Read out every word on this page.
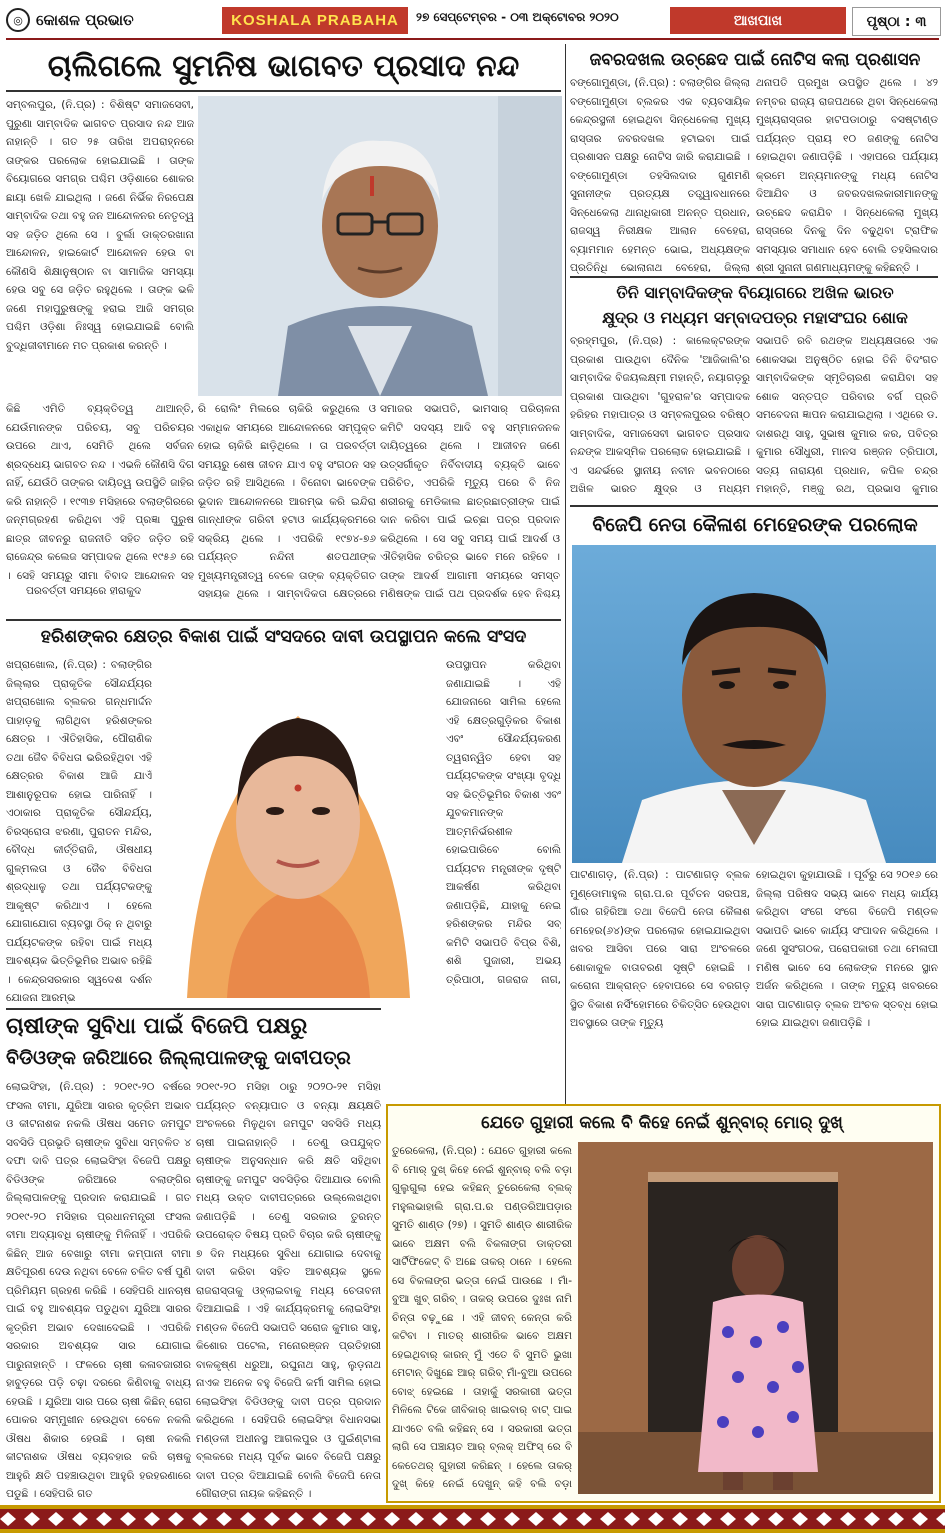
◎ କୋଶଳ ପ୍ରଭାତ	KOSHALA PRABAHA	୨୭ ସେପ୍ଟେମ୍ବର - ୦୩ ଅକ୍ଟୋବର ୨୦୨୦	ଆଖପାଖ	ପୃଷ୍ଠା : ୩
ଚାଲିଗଲେ ସୁମନିଷ ଭାଗବତ ପ୍ରସାଦ ନନ୍ଦ
ସମ୍ବଲପୁର, (ନି.ପ୍ର) : ବିଶିଷ୍ଟ ସମାଜସେବୀ, ପୁରୁଣା ସାମ୍ବାଦିକ ଭାଗବତ ପ୍ରସାଦ ନନ୍ଦ ଆଜ ନାହାନ୍ତି । ଗତ ୨୫ ତାରିଖ ଅପରାହ୍ନରେ ତାଙ୍କର ପରଲୋକ ହୋଇଯାଇଛି । ତାଙ୍କ ବିୟୋଗରେ ସମଗ୍ର ପଶ୍ଚିମ ଓଡ଼ିଶାରେ ଶୋକର ଛାୟା ଖେଳି ଯାଇଥିଲା । ଜଣେ ନିର୍ଭିକ ନିରପେକ୍ଷ ସାମ୍ବାଦିକ ତଥା ବହୁ ଜନ ଆନ୍ଦୋଳନର ନେତୃତ୍ୱ ସହ ଜଡ଼ିତ ଥିଲେ ସେ । ବୁର୍ଲା ଡାକ୍ତରଖାନା ଆନ୍ଦୋଳନ, ହାଇକୋର୍ଟ ଆନ୍ଦୋଳନ ହେଉ ବା କୌଣସି ଶିକ୍ଷାନୁଷ୍ଠାନ ବା ସାମାଜିକ ସମସ୍ୟା ହେଉ ସବୁ ସେ ଜଡ଼ିତ ରହୁଥିଲେ । ତାଙ୍କ ଭଳି ଜଣେ ମହାପୁରୁଷଙ୍କୁ ହରାଇ ଆଜି ସମଗ୍ର ପଶ୍ଚିମ ଓଡ଼ିଶା ନିଃସ୍ୱ ହୋଇଯାଇଛି ବୋଲି ବୁଦ୍ଧିଜୀବୀମାନେ ମତ ପ୍ରକାଶ କରନ୍ତି ।
କିଛି ଏମିତି ବ୍ୟକ୍ତିତ୍ୱ ଥାଆନ୍ତି, ଯେଉଁମାନଙ୍କ ପରିଚୟ, ସବୁ ପରିଚୟର ଉପରେ ଥାଏ, ସେମିତି ଥିଲେ ସର୍ବଜନ ଶ୍ରଦ୍ଧେୟ ଭାଗବତ ନନ୍ଦ । ଏଭଳି କୌଣସି ଦିଗ ନାହିଁ, ଯେଉଁଠି ତାଙ୍କର ଦାୟିତ୍ୱ ଉପସ୍ଥିତି ଜାହିର କରି ନାହାନ୍ତି । ୧୯୩୭ ମସିହାରେ ବଲାଙ୍ଗିରରେ ଜନ୍ମଗ୍ରହଣ କରିଥିବା ଏହି ପ୍ରଜ୍ଞା ପୁରୁଷ ଛାତ୍ର ଜୀବନରୁ ରାଜନୀତି ସହିତ ଜଡ଼ିତ ରହି ରାଜେନ୍ଦ୍ର କଲେଜ ସମ୍ପାଦକ ଥିଲେ ୧୯୫୬ ରେ । ସେହି ସମୟରୁ ସୀମା ବିବାଦ ଆନ୍ଦୋଳନ ସହ
ପରବର୍ତ୍ତୀ ସମୟରେ ହୀରାକୁଦ
ରି ରୋଲିଂ ମିଲରେ ଚାକିରି କରୁଥିଲେ ଓ ଏକାଧିକ ସମୟରେ ଆନ୍ଦୋଳନରେ ସମ୍ପୃକ୍ତ ହୋଇ ଚାକିରି ଛାଡ଼ିଥିଲେ । ତା ପରବର୍ତ୍ତୀ ସମୟରୁ ଶେଷ ଜୀବନ ଯାଏ ବହୁ ସଂଗଠନ ସହ ଜଡ଼ିତ ରହି ଆସିଥିଲେ । ବିନୋବା ଭାବେଙ୍କ ଭୂଦାନ ଆନ୍ଦୋଳନରେ ଆରମ୍ଭ କରି ଇନ୍ଦିରା ଗାନ୍ଧୀଙ୍କ ଗରିବୀ ହଟାଓ କାର୍ଯ୍ୟକ୍ରମରେ ସକ୍ରିୟ ଥିଲେ । ଏପରିକି ୧୯୭୪-୭୬ ପର୍ଯ୍ୟନ୍ତ ନନ୍ଦିନୀ ଶତପଥୀଙ୍କ ମୁଖ୍ୟମନ୍ତ୍ରୀତ୍ୱ ବେଳେ ତାଙ୍କ ବ୍ୟକ୍ତିଗତ ସହାୟକ ଥିଲେ । ସାମ୍ବାଦିକତା କ୍ଷେତ୍ରରେ
ସମାଜର ସଭାପତି, ଭାମସାର୍ ପରିଚାଳନା କମିଟି ସଦସ୍ୟ ଆଦି ବହୁ ସମ୍ମାନଜନକ ଦାୟିତ୍ୱରେ ଥିଲେ । ଆଜୀବନ ଜଣେ ଉତ୍ସର୍ଗୀକୃତ ନିର୍ବିବାଦୀୟ ବ୍ୟକ୍ତି ଭାବେ ପରିଚିତ, ଏପରିକି ମୃତ୍ୟୁ ପରେ ବି ନିଜ ଶରୀରକୁ ମେଡିକାଲ ଛାତ୍ରଛାତ୍ରୀଙ୍କ ପାଇଁ ଦାନ କରିବା ପାଇଁ ଇଚ୍ଛା ପତ୍ର ପ୍ରଦାନ କରିଥିଲେ । ସେ ସବୁ ସମୟ ପାଇଁ ଆଦର୍ଶ ଓ ଐତିହାସିକ ଚରିତ୍ର ଭାବେ ମନେ ରହିବେ । ତାଙ୍କ ଆଦର୍ଶ ଆଗାମୀ ସମୟରେ ସମସ୍ତ ମଣିଷଙ୍କ ପାଇଁ ପଥ ପ୍ରଦର୍ଶକ ହେବ ନିଶ୍ଚୟ
ଜବରଦଖଲ ଉଚ୍ଛେଦ ପାଇଁ ନୋଟିସ କଲା ପ୍ରଶାସନ
ବଙ୍ଗୋମୁଣ୍ଡା, (ନି.ପ୍ର) : ବଲାଙ୍ଗିର ଜିଲ୍ଲା ବଙ୍ଗୋମୁଣ୍ଡା ବ୍ଲକର ଏକ ବ୍ୟବସାୟିକ କେନ୍ଦ୍ରସ୍ଥଳୀ ହୋଇଥିବା ସିନ୍ଧେକେଲା ମୁଖ୍ୟ ରାସ୍ତାର ଜବରଦଖଲ ହଟାଇବା ପାଇଁ ପ୍ରଶାସନ ପକ୍ଷରୁ ନୋଟିସ ଜାରି କରାଯାଇଛି । ବଙ୍ଗୋମୁଣ୍ଡା ତହସିଲଦାର ଗୁଣମଣି ସୁନାନୀଙ୍କ ପ୍ରତ୍ୟକ୍ଷ ତତ୍ତ୍ୱାବଧାନରେ ସିନ୍ଧେକେଲା ଥାନାଧିକାରୀ ଅନନ୍ତ ପ୍ରଧାନ, ରାଜସ୍ୱ ନିରୀକ୍ଷକ ଆଲାନ ବେହେରା, ବ୍ୟାମମାନ ହେମନ୍ତ ଭୋଇ, ଅଧ୍ୟକ୍ଷଙ୍କ ପ୍ରତିନିଧି ଭୋଲାନାଥ ବେହେରା, ଜିଲ୍ଲା
ଥନାପତି ପ୍ରମୁଖ ଉପସ୍ଥିତ ଥିଲେ । ୪୨ ନମ୍ବର ରାଜ୍ୟ ରାଜପଥରେ ଥିବା ସିନ୍ଧେକେଲା ମୁଖ୍ୟରାସ୍ତାର ହାଟପଡାଠାରୁ ବସଷ୍ଟାଣ୍ଡ ପର୍ଯ୍ୟନ୍ତ ପ୍ରାୟ ୧୦ ଜଣଙ୍କୁ ନୋଟିସ ହୋଇଥିବା ଜଣାପଡ଼ିଛି । ଏହାପରେ ପର୍ଯ୍ୟାୟ କ୍ରମେ ଅନ୍ୟମାନଙ୍କୁ ମଧ୍ୟ ନୋଟିସ ଦିଆଯିବ ଓ ଜବରଦଖଲକାରୀମାନଙ୍କୁ ଉଚ୍ଛେଦ କରାଯିବ । ସିନ୍ଧେକେଲା ମୁଖ୍ୟ ରାସ୍ତାରେ ଦିନକୁ ଦିନ ବଢୁଥିବା ଟ୍ରାଫିକ ସମସ୍ୟାର ସମାଧାନ ହେବ ବୋଲି ତହସିଲଦାର ଶ୍ରୀ ସୁନାନୀ ଗଣମାଧ୍ୟମଙ୍କୁ କହିଛନ୍ତି ।
ତିନି ସାମ୍ବାଦିକଙ୍କ ବିୟୋଗରେ ଅଖିଳ ଭାରତ
କ୍ଷୁଦ୍ର ଓ ମଧ୍ୟମ ସମ୍ବାଦପତ୍ର ମହାସଂଘର ଶୋକ
ବ୍ରହ୍ମପୁର, (ନି.ପ୍ର) : କାଲେକ୍ଟରଙ୍କ ପ୍ରକାଶ ପାଉଥିବା ଦୈନିକ 'ଆଜିକାଲି'ର ସାମ୍ବାଦିକ ବିଜୟଲକ୍ଷ୍ମୀ ମହାନ୍ତି, ନୟାଗଡ଼ରୁ ପ୍ରକାଶ ପାଉଥିବା 'ଗୁହରାଳ'ର ସମ୍ପାଦକ ହରିହର ମହାପାତ୍ର ଓ ସମ୍ବଲପୁରର ବରିଷ୍ଠ ସାମ୍ବାଦିକ, ସମାଜସେବୀ ଭାଗବତ ପ୍ରସାଦ ନନ୍ଦଙ୍କ ଆକସ୍ମିକ ପରଲୋକ ହୋଇଯାଇଛି । ଏ ସନ୍ଦର୍ଭରେ ସ୍ଥାନୀୟ ନବୀନ ଭବନଠାରେ ଅଖିଳ ଭାରତ କ୍ଷୁଦ୍ର ଓ ମଧ୍ୟମ
ସଭାପତି ରବି ରଥଙ୍କ ଅଧ୍ୟକ୍ଷତାରେ ଏକ ଶୋକସଭା ଅନୁଷ୍ଠିତ ହୋଇ ତିନି ବିଦଂଗତ ସାମ୍ବାଦିକଙ୍କ ସ୍ମୃତିଚାରଣ କରାଯିବା ସହ ଶୋକ ସନ୍ତପ୍ତ ପରିବାର ବର୍ଗ ପ୍ରତି ସମବେଦନା ଜ୍ଞାପନ କରାଯାଇଥିଲା । ଏଥିରେ ଡ. ଦାଶରଥି ସାହୁ, ସୁଭାଷ କୁମାର କର, ପବିତ୍ର କୁମାର ସୌଧୁରୀ, ମାନସ ରଞ୍ଜନ ତ୍ରିପାଠୀ, ସତ୍ୟ ନାରାୟଣ ପ୍ରଧାନ, କପିଳ ଚନ୍ଦ୍ର ମହାନ୍ତି, ମଞ୍ଜୁ ରଥ, ପ୍ରଭାସ କୁମାର
ବିଜେପି ନେତା କୈଳାଶ ମେହେରଙ୍କ ପରଲୋକ
ପାଟଣାଗଡ଼, (ନି.ପ୍ର) : ପାଟଣାଗଡ଼ ବ୍ଲକ ମୁଣ୍ଡୋମାହୁଲ ଗ୍ରା.ପ.ର ପୂର୍ବତନ ସରପଞ୍ଚ, ଗାଁର ଗହିରିଆ ତଥା ବିଜେପି ନେତା କୈଳାଶ ମେହେର(୬୪)ଙ୍କ ପରଲୋକ ହୋଇଯାଇଥିବା ଖବର ଆସିବା ପରେ ସାରା ଅଂଚଳରେ ଶୋକାକୁଳ ବାତାବରଣ ସୃଷ୍ଟି ହୋଇଛି । କରୋନା ଆକ୍ରାନ୍ତ ହେବାପରେ ସେ ବରଗଡ଼ ସ୍ଥିତ ବିକାଶ ନର୍ସିଂହୋମରେ ଚିକିତ୍ସିତ ହେଉଥିବା ଅବସ୍ଥାରେ ତାଙ୍କ ମୃତ୍ୟୁ
ହୋଇଥିବା କୁହାଯାଉଛି । ପୂର୍ବରୁ ସେ ୨୦୧୬ ରେ ଜିଲ୍ଲା ପରିଷଦ ସଭ୍ୟ ଭାବେ ମଧ୍ୟ କାର୍ଯ୍ୟ କରିଥିବା ସଂଗେ ସଂଗେ ବିଜେପି ମଣ୍ଡଳ ସଭାପତି ଭାବେ କାର୍ଯ୍ୟ ସଂପାଦନ କରିଥିଲେ । ଜଣେ ସୁସଂଗଠକ, ପରୋପକାରୀ ତଥା ମେଳାପୀ ମଣିଷ ଭାବେ ସେ ଲୋକଙ୍କ ମନରେ ସ୍ଥାନ ଅର୍ଜନ କରିଥିଲେ । ତାଙ୍କ ମୃତ୍ୟୁ ଖବରରେ ସାରା ପାଟଣାଗଡ଼ ବ୍ଲକ ଅଂଚଳ ସ୍ତବ୍ଧ ହୋଇ ହୋଇ ଯାଇଥିବା ଜଣାପଡ଼ିଛି ।
ହରିଶଙ୍କର କ୍ଷେତ୍ର ବିକାଶ ପାଇଁ ସଂସଦରେ ଦାବୀ ଉପସ୍ଥାପନ କଲେ ସଂସଦ
ଖପ୍ରାଖୋଲ, (ନି.ପ୍ର) : ବଲାଙ୍ଗିର ଜିଲ୍ଲାର ପ୍ରାକୃତିକ ସୌନ୍ଦର୍ଯ୍ୟର ଖପ୍ରାଖୋଲ ବ୍ଲକର ଗନ୍ଧମାର୍ଦ୍ଦନ ପାହାଡ଼କୁ ଲାଗିଥିବା ହରିଶଙ୍କର କ୍ଷେତ୍ର । ଐତିହାସିକ, ପୌରାଣିକ ତଥା ଜୈବ ବିବିଧତା ଭରିରହିଥିବା ଏହି କ୍ଷେତ୍ରର ବିକାଶ ଆଜି ଯାଏଁ ଆଶାନୁରୂପକ ହୋଇ ପାରିନାହିଁ । ଏଠାକାର ପ୍ରାକୃତିକ ସୌନ୍ଦର୍ଯ୍ୟ, ଚିରସ୍ରୋତା ଝରଣା, ପୁରାତନ ମନ୍ଦିର, ବୌଦ୍ଧ କୀର୍ତ୍ତିରାଜି, ଔଷଧୀୟ ଗୁଳ୍ମଲତା ଓ ଜୈବ ବିବିଧତା ଶ୍ରଦ୍ଧାଳୁ ତଥା ପର୍ଯ୍ୟଟକଙ୍କୁ ଆକୃଷ୍ଟ କରିଥାଏ । ହେଲେ ଯୋଗାଯୋଗ ବ୍ୟବସ୍ଥା ଠିକ୍ ନ ଥିବାରୁ ପର୍ଯ୍ୟଟକଙ୍କ ରହିବା ପାଇଁ ମଧ୍ୟ ଆବଶ୍ୟକ ଭିତ୍ତିଭୂମିର ଅଭାବ ରହିଛି । କେନ୍ଦ୍ରସରକାର ସ୍ୱଦେଶ ଦର୍ଶନ ଯୋଜନା ଆରମ୍ଭ
ଉପସ୍ଥାପନ କରିଥିବା ଜଣାଯାଇଛି । ଏହି ଯୋଜନାରେ ସାମିଲ ହେଲେ ଏହି କ୍ଷେତ୍ରଗୁଡ଼ିକର ବିକାଶ ଏବଂ ସୌନ୍ଦର୍ଯ୍ୟକରଣ ତ୍ୱରାନ୍ୱିତ ହେବା ସହ ପର୍ଯ୍ୟଟକଙ୍କ ସଂଖ୍ୟା ବୃଦ୍ଧି ସହ ଭିତ୍ତିଭୂମିର ବିକାଶ ଏବଂ ଯୁବକମାନଙ୍କ ଆତ୍ମନିର୍ଭରଶୀଳ ହୋଇପାରିବେ ବୋଲି ପର୍ଯ୍ୟଟନ ମନ୍ତ୍ରୀଙ୍କ ଦୃଷ୍ଟି ଆକର୍ଷଣ କରିଥିବା ଜଣାପଡ଼ିଛି, ଯାହାକୁ ନେଇ ହରିଶଙ୍କର ମନ୍ଦିର ସବ୍ କମିଟି ସଭାପତି ବିପ୍ର ବିଶି, ଶଶି ପୁଜାରୀ, ଅଭୟ ତ୍ରିପାଠୀ, ଗଜରାଜ ନାଗ,
ଚାଷୀଙ୍କ ସୁବିଧା ପାଇଁ ବିଜେପି ପକ୍ଷରୁ
ବିଡିଓଙ୍କ ଜରିଆରେ ଜିଲ୍ଲାପାଳଙ୍କୁ ଦାବୀପତ୍ର
ଲୋଇସିଂହା, (ନି.ପ୍ର) : ୨୦୧୯-୨୦ ବର୍ଷରେ ଫସଲ ବୀମା, ଯୁରିଆ ସାରର କୃତ୍ରିମ ଅଭାବ ଓ କୀଟନାଶକ ନକଲି ଔଷଧ ସମେତ ଜମପୁଟ ସବସିଡି ପ୍ରଭୃତି ଚାଷୀଙ୍କ ସୁବିଧା ସମ୍ବଳିତ ୪ ଦଫା ଦାବି ପତ୍ର ଲୋଇସିଂହା ବିଜେପି ପକ୍ଷରୁ ବିଡିଓଙ୍କ ଜରିଆରେ ବଲାଙ୍ଗିର ଜିଲ୍ଲାପାଳଙ୍କୁ ପ୍ରଦାନ କରାଯାଇଛି । ଗତ ୨୦୧୯-୨୦ ମସିହାର ପ୍ରଧାନମନ୍ତ୍ରୀ ଫସଲ ବୀମା ଅଦ୍ୟାବଧି ଚାଷୀଙ୍କୁ ମିଳିନାହିଁ । ଏପରିକି କିଛିନ୍ ଆଜ ବେଖାରୁ ବୀମା କମ୍ପାନୀ ବୀମା କ୍ଷତିପୂରଣ ଦେଉ ନଥିବା ବେଳେ ଚଳିତ ବର୍ଷ ପୁଣି ପ୍ରିମିୟମ ଗ୍ରହଣ କରିଛି । ସେହିପରି ଧାନଚାଷ ପାଇଁ ବହୁ ଆବଶ୍ୟକ ପଡୁଥିବା ଯୁରିଆ ସାରର କୃତ୍ରିମ ଅଭାବ ଦେଖାଦେଇଛି । ଏପରିକି ସରକାର ଅବଶ୍ୟକ ସାର ଯୋଗାଇ ପାରୁନାହାନ୍ତି । ଫଳରେ ଚାଷୀ କଳାବଜାରୀର ହାବୁଡ଼ରେ ପଡ଼ି ଚଢ଼ା ଦରରେ କିଣିବାକୁ ବାଧ୍ୟ ହେଉଛି । ଯୁରିଆ ସାର ପରେ ଚାଷୀ କିଛିନ୍ ରୋଗ ପୋକର ସମ୍ମୁଖୀନ ହେଉଥିବା ବେଳେ ନକଲି ଔଷଧ ଶିକାର ହେଉଛି । ଚାଷୀ ନକଲି କୀଟନାଶକ ଔଷଧ ବ୍ୟବହାର କରି ଚାଷକୁ ଆହୁରି କ୍ଷତି ପହଞ୍ଚାଉଥିବା ଆହୁରି ହରହରଣାରେ ପଡୁଛି । ସେହିପରି ଗତ
୨୦୧୯-୨୦ ମସିହା ଠାରୁ ୨୦୨୦-୨୧ ମସିହା ପର୍ଯ୍ୟନ୍ତ ବନ୍ୟାପାତ ଓ ବନ୍ୟା କ୍ଷୟକ୍ଷତି ଅଂଚଳରେ ମିଳୁଥିବା ଜମପୁଟ ସବସିଡି ମଧ୍ୟ ଚାଷୀ ପାଇନାହାନ୍ତି । ତେଣୁ ଉପଯୁକ୍ତ ଚାଷୀଙ୍କ ଅନୁସନ୍ଧାନ କରି କ୍ଷତି ସହିଥିବା ଚାଷୀଙ୍କୁ ଜମପୁଟ ସବସିଡ଼ିର ଦିଆଯାଉ ବୋଲି ମଧ୍ୟ ଉକ୍ତ ଦାବୀପତ୍ରରେ ଉଲ୍ଲେଖଥିବା ଜଣାପଡ଼ିଛି । ତେଣୁ ସରକାର ତୁରନ୍ତ ଉପରୋକ୍ତ ବିଷୟ ପ୍ରତି ବିଚାର କରି ଚାଷୀଙ୍କୁ ୭ ଦିନ ମଧ୍ୟରେ ସୁବିଧା ଯୋଗାଇ ଦେବାକୁ ଦାବୀ କରିବା ସହିତ ଆବଶ୍ୟକ ସ୍ଥଳେ ରାଜରାସ୍ତାକୁ ଓହ୍ଲାଇବାକୁ ମଧ୍ୟ ଚେତାବନୀ ଦିଆଯାଇଛି । ଏହି କାର୍ଯ୍ୟକ୍ରମକୁ ଲୋଇସିଂହା ମଣ୍ଡଳ ବିଜେପି ସଭାପତି ସରୋଜ କୁମାର ସାହୁ, କିଶୋର ପଟେଲ, ମନୋରଞ୍ଜନ ପ୍ରତିହାରୀ ବାଳକୃଷ୍ଣ ଧରୁଆ, ରଘୁନାଥ ସାହୁ, ଲୁଡ଼ନାଥ ନାଏକ ଅନେକ ବହୁ ବିଜେପି କର୍ମୀ ସାମିଲ ହୋଇ ଲୋଇସିଂହା ବିଡିଓଙ୍କୁ ଦାବୀ ପତ୍ର ପ୍ରଦାନ କରିଥିଲେ । ସେହିପରି ଲୋଇସିଂହା ବିଧାନସଭା ମଣ୍ଡଳୀ ଅଧୀନସ୍ଥ ଆଗଲପୁର ଓ ପୁଇଁଣ୍ଟାଳା ବ୍ଲକରେ ମଧ୍ୟ ପୂର୍ବକ ଭାବେ ବିଜେପି ପକ୍ଷରୁ ଦାବୀ ପତ୍ର ଦିଆଯାଇଛି ବୋଲି ବିଜେପି ନେତା ଗୌରାଙ୍ଗ ନାୟକ କହିଛନ୍ତି ।
ଯେତେ ଗୁହାରୀ କଲେ ବି କିହେ ନେଇଁ ଶୁନ୍‌ବାର୍ ମୋର୍ ଦୁଖ୍
ତୁରେକେଲା, (ନି.ପ୍ର) : ଯେତେ ଗୁହାରୀ କଲେ ବି ମୋର୍ ଦୁଖ୍ କିହେ ନେଇଁ ଶୁନ୍‌ବାର୍ ବଲି ବଡ଼ା ଗୁଲୁଗୁଲା ହେଇ କହିଛନ୍ ତୁରେକେଲା ବ୍ଲକ୍ ମହୁଲଭାହାଲି ଗ୍ରା.ପ.ର ପଣ୍ଡରିଆପଡ଼ାର ସୁମତି ଶାଣ୍ଡ (୨୭) । ସୁମତି ଶାଣ୍ଡ ଶାରୀରିକ ଭାବେ ଅକ୍ଷମ ବଲି ବିକଳାଙ୍ଗ ଡାକ୍ତରୀ ସାର୍ଟିଫିକେଟ୍ ବି ଅଛେ ତାକର୍ ଠାନେ । ହେଲେ ସେ ବିକଳାଙ୍ଗ ଭତ୍ତା ନେଇଁ ପାଉଛେ । ମାଁ-ବୁଆ ଖୁବ୍ ଗରିବ୍ । ତାକର୍ ଉପରେ ଦୁଃଖ ନାମି ଚିନ୍ତା ବଢ଼ୁଛେ । ଏହି ଜୀବନ୍ କେନ୍ତା କରି କଟିବା । ମାତର୍ ଶାରୀରିକ ଭାବେ ଅକ୍ଷମ ହେଇଥିବାର୍ କାରନ୍ ମୁଁ ଏତେ ବି ସୁମତି ଭୁଖା ମେଟାନ୍ ଦିଖୁଛେ ଆର୍ ଗରିବ୍ ମାଁ-ବୁଆ ଉପରେ ବୋଝ୍ ହେଇଛେ । ତାହାକୁଁ ସରକାରୀ ଭତ୍ତା ମିଳିଲେ ଟିକେ ଜୀବିକାର୍ ଖାଇବାର୍ ବାଟ୍ ପାଇ ଯାଏତେ ବଲି କହିଛନ୍ ସେ । ସରକାରୀ ଭତ୍ତା ଲାଗି ସେ ପଞ୍ଚାୟତ ଆର୍ ବ୍ଲକ୍ ଅଫିସ୍ ରେ ବି କେତେଥର୍ ଗୁହାରୀ କରିଛନ୍ । ହେଲେ ତାକର୍ ଦୁଖ୍ କିହେ ନେଇଁ ଦେଖୁନ୍ କହି ବଲି ବଡ଼ା
